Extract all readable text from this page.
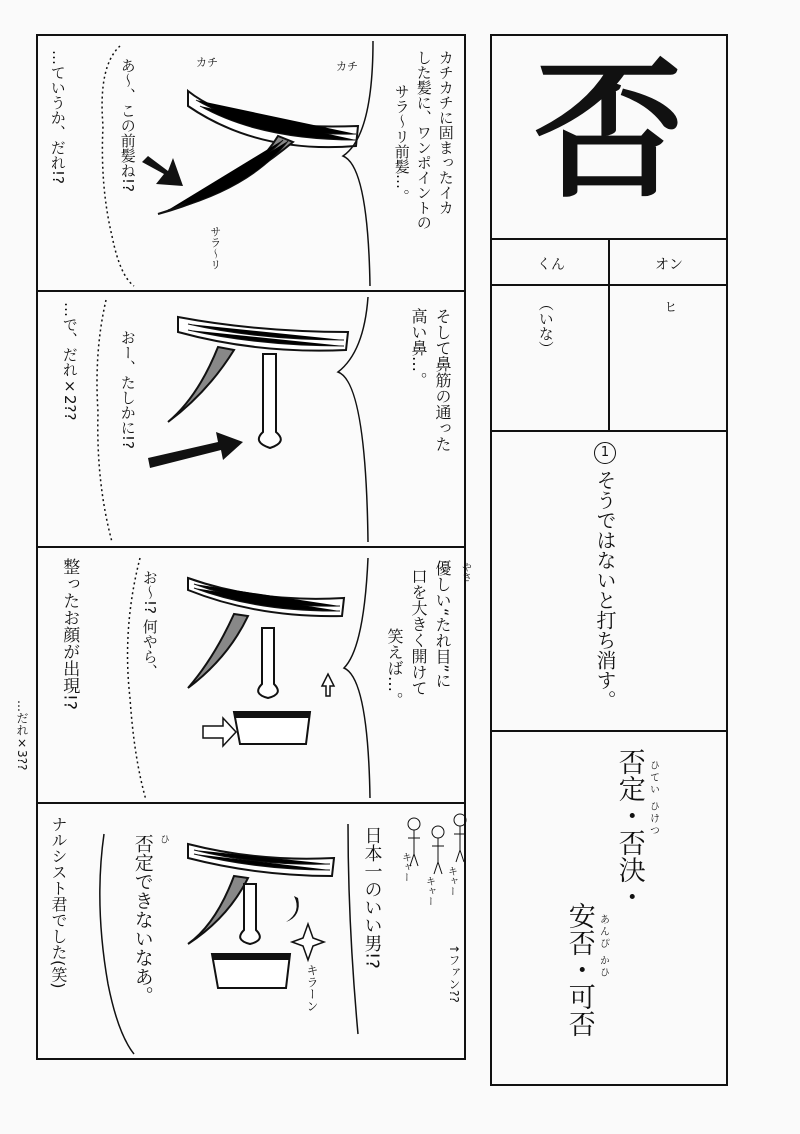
否
くん	オン
（いな）	ヒ
1
そうではないと打ち消す。
ひてい ひけつ
否定・否決・
あんぴ かひ
安否・可否
カチカチに固まったイカ
した髪に、ワンポイントの
サラ〜リ前髪…。
カチ	カチ
サラ〜リ
あ〜、この前髪ね!?
…ていうか、だれ!?
そして鼻筋の通った
高い鼻…。
おー、たしかに!?
…で、だれ×2??
やさ
優しい“たれ目”に
口を大きく開けて
笑えば…。
お〜!? 何やら、
整ったお顔が出現!?
…だれ×3??
日本一のいい男!?
ひ
否定できないなあ。	↑ファン??
キャー
キャー キャー
キラーン
ナルシスト君でした(笑)
